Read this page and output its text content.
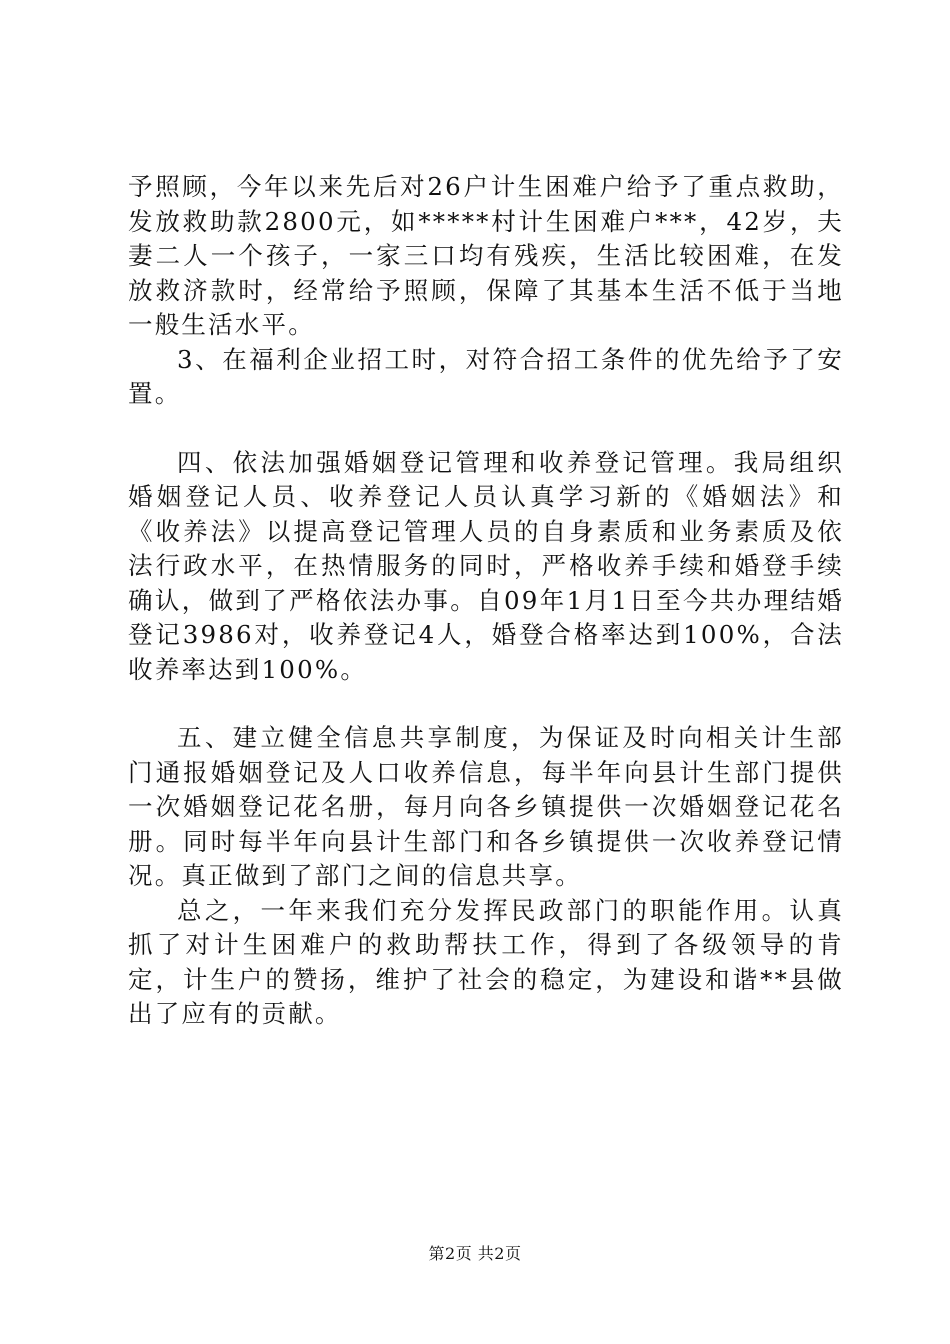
予照顾，今年以来先后对26户计生困难户给予了重点救助，发放救助款2800元，如*****村计生困难户***，42岁，夫妻二人一个孩子，一家三口均有残疾，生活比较困难，在发放救济款时，经常给予照顾，保障了其基本生活不低于当地一般生活水平。

3、在福利企业招工时，对符合招工条件的优先给予了安置。

四、依法加强婚姻登记管理和收养登记管理。我局组织婚姻登记人员、收养登记人员认真学习新的《婚姻法》和《收养法》以提高登记管理人员的自身素质和业务素质及依法行政水平，在热情服务的同时，严格收养手续和婚登手续确认，做到了严格依法办事。自09年1月1日至今共办理结婚登记3986对，收养登记4人，婚登合格率达到100%，合法收养率达到100%。

五、建立健全信息共享制度，为保证及时向相关计生部门通报婚姻登记及人口收养信息，每半年向县计生部门提供一次婚姻登记花名册，每月向各乡镇提供一次婚姻登记花名册。同时每半年向县计生部门和各乡镇提供一次收养登记情况。真正做到了部门之间的信息共享。

总之，一年来我们充分发挥民政部门的职能作用。认真抓了对计生困难户的救助帮扶工作，得到了各级领导的肯定，计生户的赞扬，维护了社会的稳定，为建设和谐**县做出了应有的贡献。

第2页 共2页
